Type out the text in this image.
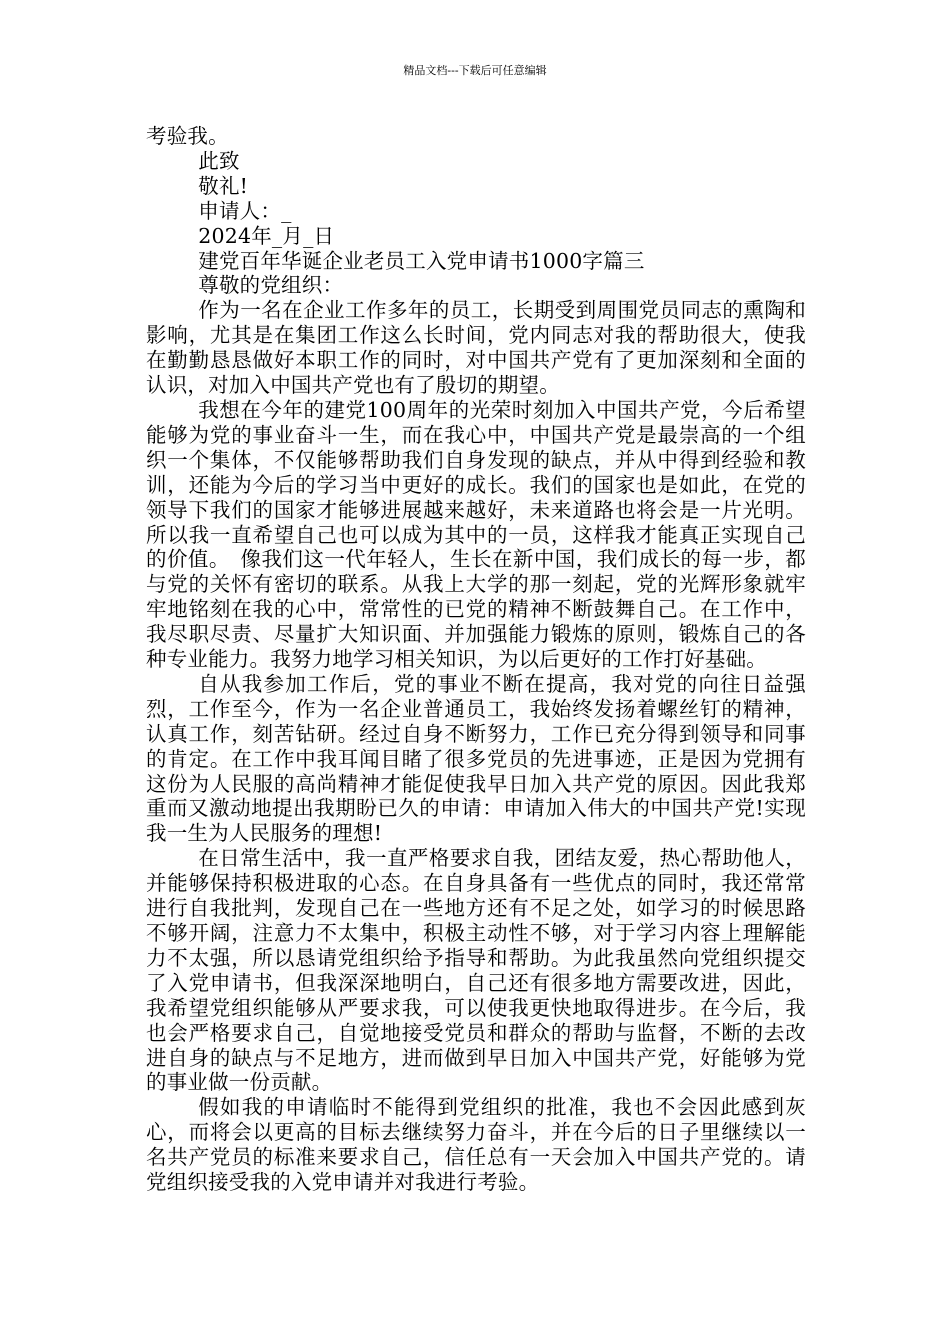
精品文档---下载后可任意编辑

考验我。

此致

敬礼!

申请人：_

2024年_月_日

建党百年华诞企业老员工入党申请书1000字篇三

尊敬的党组织：

作为一名在企业工作多年的员工，长期受到周围党员同志的熏陶和影响，尤其是在集团工作这么长时间，党内同志对我的帮助很大，使我在勤勤恳恳做好本职工作的同时，对中国共产党有了更加深刻和全面的认识，对加入中国共产党也有了殷切的期望。

我想在今年的建党100周年的光荣时刻加入中国共产党，今后希望能够为党的事业奋斗一生，而在我心中，中国共产党是最崇高的一个组织一个集体，不仅能够帮助我们自身发现的缺点，并从中得到经验和教训，还能为今后的学习当中更好的成长。我们的国家也是如此，在党的领导下我们的国家才能够进展越来越好，未来道路也将会是一片光明。所以我一直希望自己也可以成为其中的一员，这样我才能真正实现自己的价值。　像我们这一代年轻人，生长在新中国，我们成长的每一步，都与党的关怀有密切的联系。从我上大学的那一刻起，党的光辉形象就牢牢地铭刻在我的心中，常常性的已党的精神不断鼓舞自己。在工作中，我尽职尽责、尽量扩大知识面、并加强能力锻炼的原则，锻炼自己的各种专业能力。我努力地学习相关知识，为以后更好的工作打好基础。

自从我参加工作后，党的事业不断在提高，我对党的向往日益强烈，工作至今，作为一名企业普通员工，我始终发扬着螺丝钉的精神，认真工作，刻苦钻研。经过自身不断努力，工作已充分得到领导和同事的肯定。在工作中我耳闻目睹了很多党员的先进事迹，正是因为党拥有这份为人民服的高尚精神才能促使我早日加入共产党的原因。因此我郑重而又激动地提出我期盼已久的申请：申请加入伟大的中国共产党!实现我一生为人民服务的理想!

在日常生活中，我一直严格要求自我，团结友爱，热心帮助他人，并能够保持积极进取的心态。在自身具备有一些优点的同时，我还常常进行自我批判，发现自己在一些地方还有不足之处，如学习的时候思路不够开阔，注意力不太集中，积极主动性不够，对于学习内容上理解能力不太强，所以恳请党组织给予指导和帮助。为此我虽然向党组织提交了入党申请书，但我深深地明白，自己还有很多地方需要改进，因此，我希望党组织能够从严要求我，可以使我更快地取得进步。在今后，我也会严格要求自己，自觉地接受党员和群众的帮助与监督，不断的去改进自身的缺点与不足地方，进而做到早日加入中国共产党，好能够为党的事业做一份贡献。

假如我的申请临时不能得到党组织的批准，我也不会因此感到灰心，而将会以更高的目标去继续努力奋斗，并在今后的日子里继续以一名共产党员的标准来要求自己，信任总有一天会加入中国共产党的。请党组织接受我的入党申请并对我进行考验。
